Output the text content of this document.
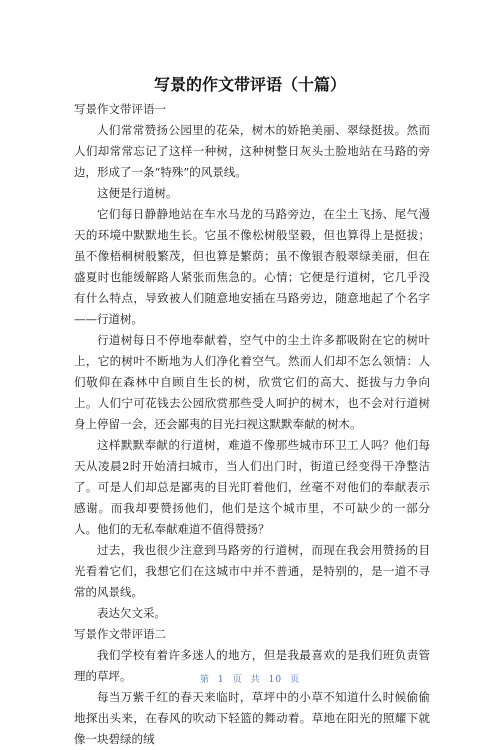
写景的作文带评语（十篇）

写景作文带评语一

人们常常赞扬公园里的花朵，树木的娇艳美丽、翠绿挺拔。然而人们却常常忘记了这样一种树，这种树整日灰头土脸地站在马路的旁边，形成了一条“特殊”的风景线。

这便是行道树。

它们每日静静地站在车水马龙的马路旁边，在尘土飞扬、尾气漫天的环境中默默地生长。它虽不像松树般坚毅，但也算得上是挺拔；虽不像梧桐树般繁茂，但也算是繁荫；虽不像银杏般翠绿美丽，但在盛夏时也能缓解路人紧张而焦急的。心情；它便是行道树，它几乎没有什么特点，导致被人们随意地安插在马路旁边，随意地起了个名字——行道树。

行道树每日不停地奉献着，空气中的尘土许多都吸附在它的树叶上，它的树叶不断地为人们净化着空气。然而人们却不怎么领情：人们敬仰在森林中自顾自生长的树，欣赏它们的高大、挺拔与力争向上。人们宁可花钱去公园欣赏那些受人呵护的树木，也不会对行道树身上停留一会，还会鄙夷的目光扫视这默默奉献的树木。

这样默默奉献的行道树，难道不像那些城市环卫工人吗？他们每天从凌晨2时开始清扫城市，当人们出门时，街道已经变得干净整洁了。可是人们却总是鄙夷的目光盯着他们，丝毫不对他们的奉献表示感谢。而我却要赞扬他们，他们是这个城市里，不可缺少的一部分人。他们的无私奉献难道不值得赞扬？

过去，我也很少注意到马路旁的行道树，而现在我会用赞扬的目光看着它们，我想它们在这城市中并不普通，是特别的，是一道不寻常的风景线。

表达欠文采。

写景作文带评语二

我们学校有着许多迷人的地方，但是我最喜欢的是我们班负责管理的草坪。

每当万紫千红的春天来临时，草坪中的小草不知道什么时候偷偷地探出头来，在春风的吹动下轻篮的舞动着。草地在阳光的照耀下就像一块碧绿的绒

第 1 页 共 10 页
